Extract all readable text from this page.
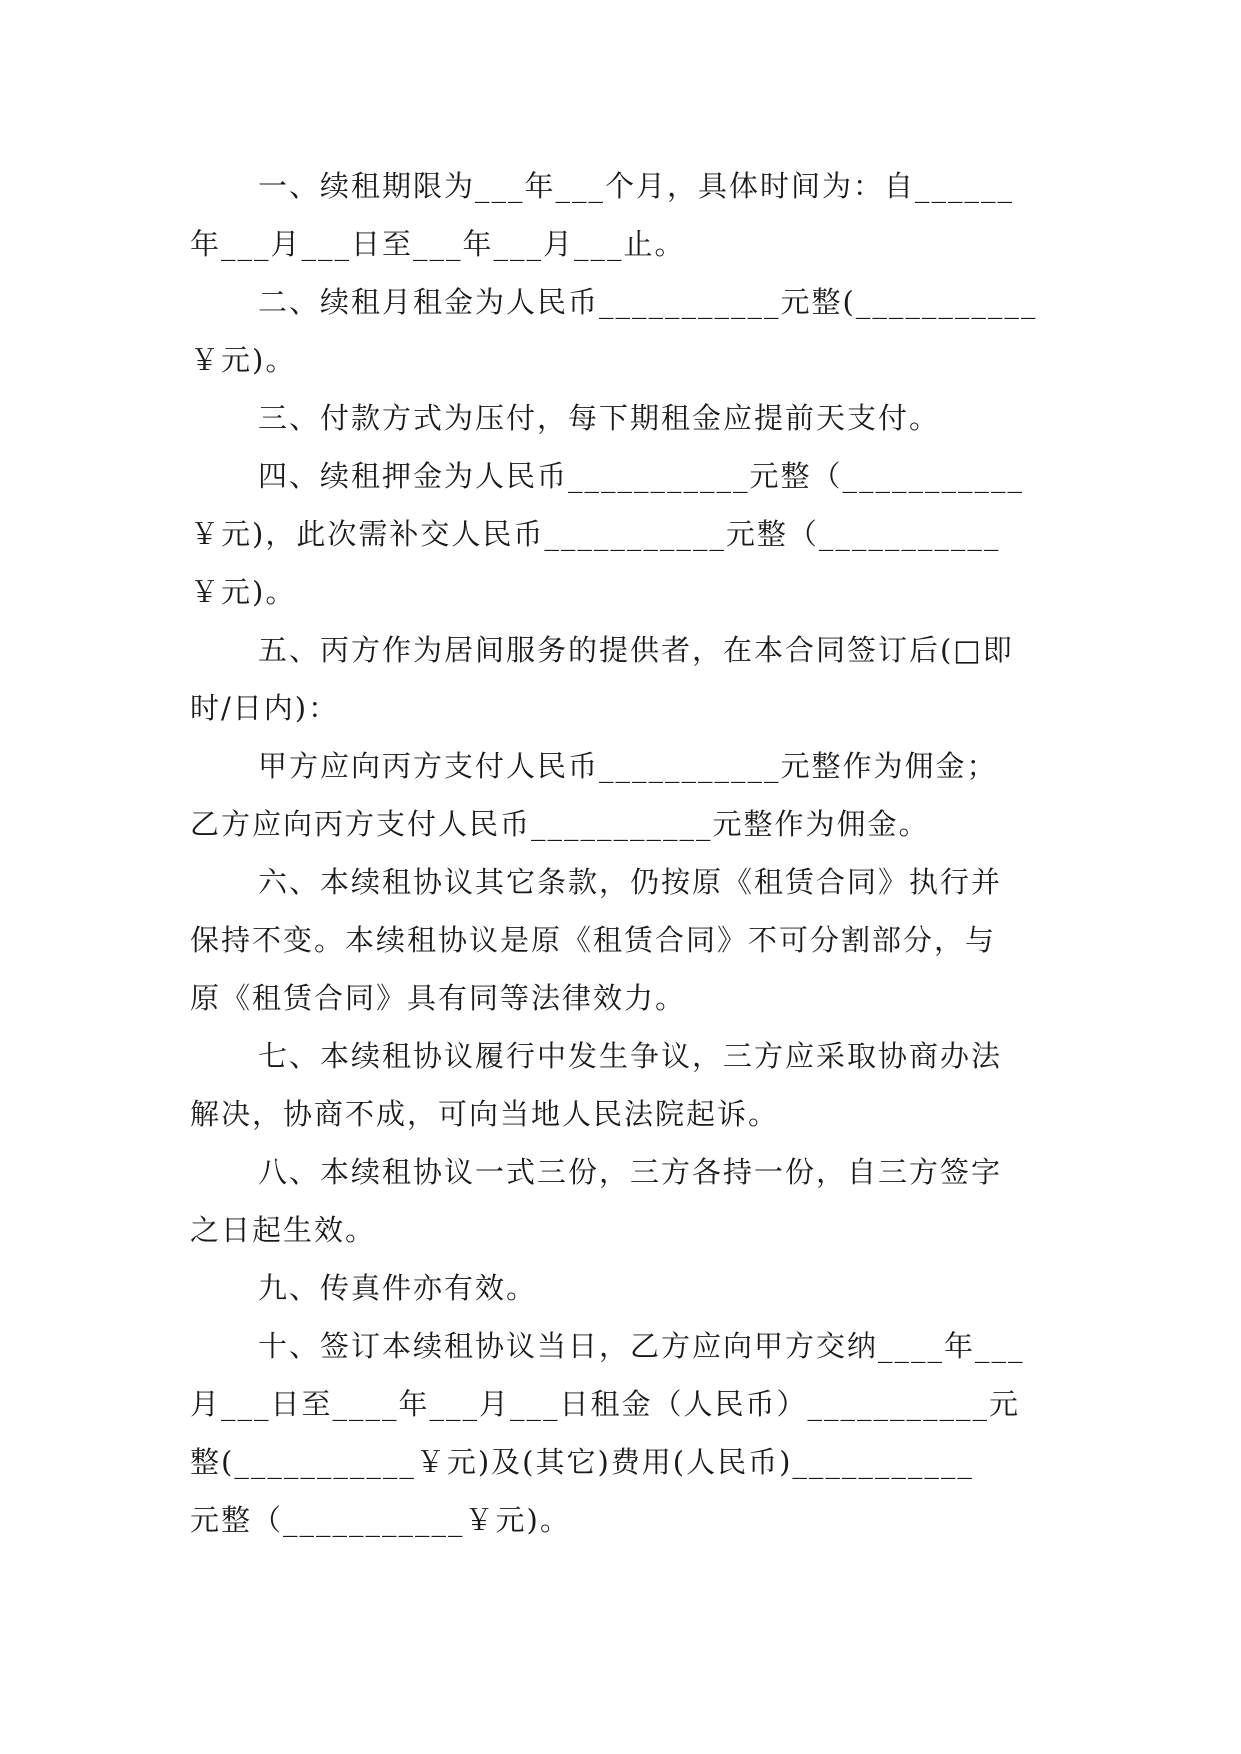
一、续租期限为___年___个月，具体时间为：自______
年___月___日至___年___月___止。
二、续租月租金为人民币___________元整(___________
￥元)。
三、付款方式为压付，每下期租金应提前天支付。
四、续租押金为人民币___________元整（___________
￥元)，此次需补交人民币___________元整（___________
￥元)。
五、丙方作为居间服务的提供者，在本合同签订后(□即
时/日内)：
甲方应向丙方支付人民币___________元整作为佣金；
乙方应向丙方支付人民币___________元整作为佣金。
六、本续租协议其它条款，仍按原《租赁合同》执行并
保持不变。本续租协议是原《租赁合同》不可分割部分，与
原《租赁合同》具有同等法律效力。
七、本续租协议履行中发生争议，三方应采取协商办法
解决，协商不成，可向当地人民法院起诉。
八、本续租协议一式三份，三方各持一份，自三方签字
之日起生效。
九、传真件亦有效。
十、签订本续租协议当日，乙方应向甲方交纳____年___
月___日至____年___月___日租金（人民币）___________元
整(___________￥元)及(其它)费用(人民币)___________
元整（___________￥元)。
